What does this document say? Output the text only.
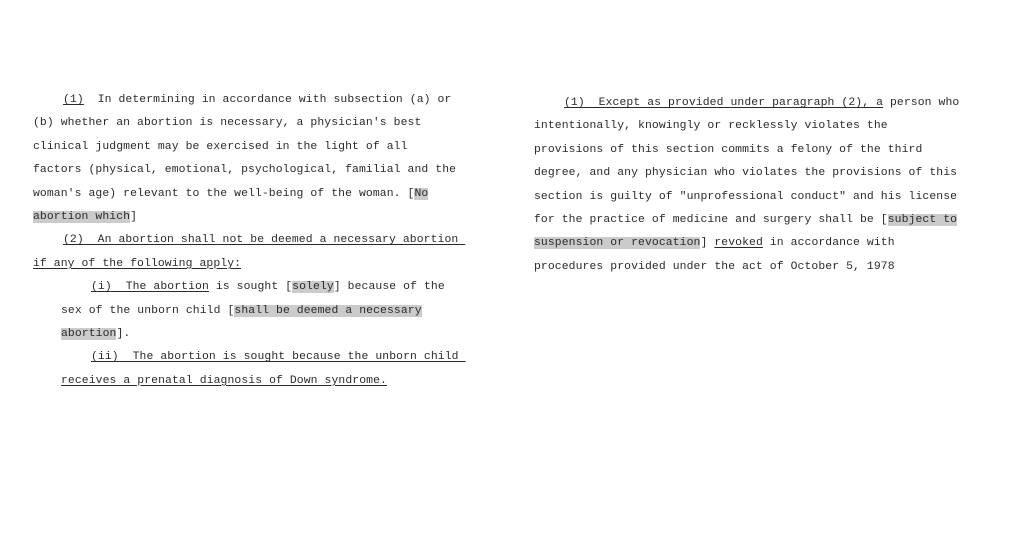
(1) In determining in accordance with subsection (a) or
(b) whether an abortion is necessary, a physician's best
clinical judgment may be exercised in the light of all
factors (physical, emotional, psychological, familial and the
woman's age) relevant to the well-being of the woman. [No
abortion which]
(2)  An abortion shall not be deemed a necessary abortion
if any of the following apply:
(i) The abortion is sought [solely] because of the
sex of the unborn child [shall be deemed a necessary
abortion].
(ii)  The abortion is sought because the unborn child
receives a prenatal diagnosis of Down syndrome.
(1)  Except as provided under paragraph (2), a person who
intentionally, knowingly or recklessly violates the
provisions of this section commits a felony of the third
degree, and any physician who violates the provisions of this
section is guilty of "unprofessional conduct" and his license
for the practice of medicine and surgery shall be [subject to
suspension or revocation] revoked in accordance with
procedures provided under the act of October 5, 1978
